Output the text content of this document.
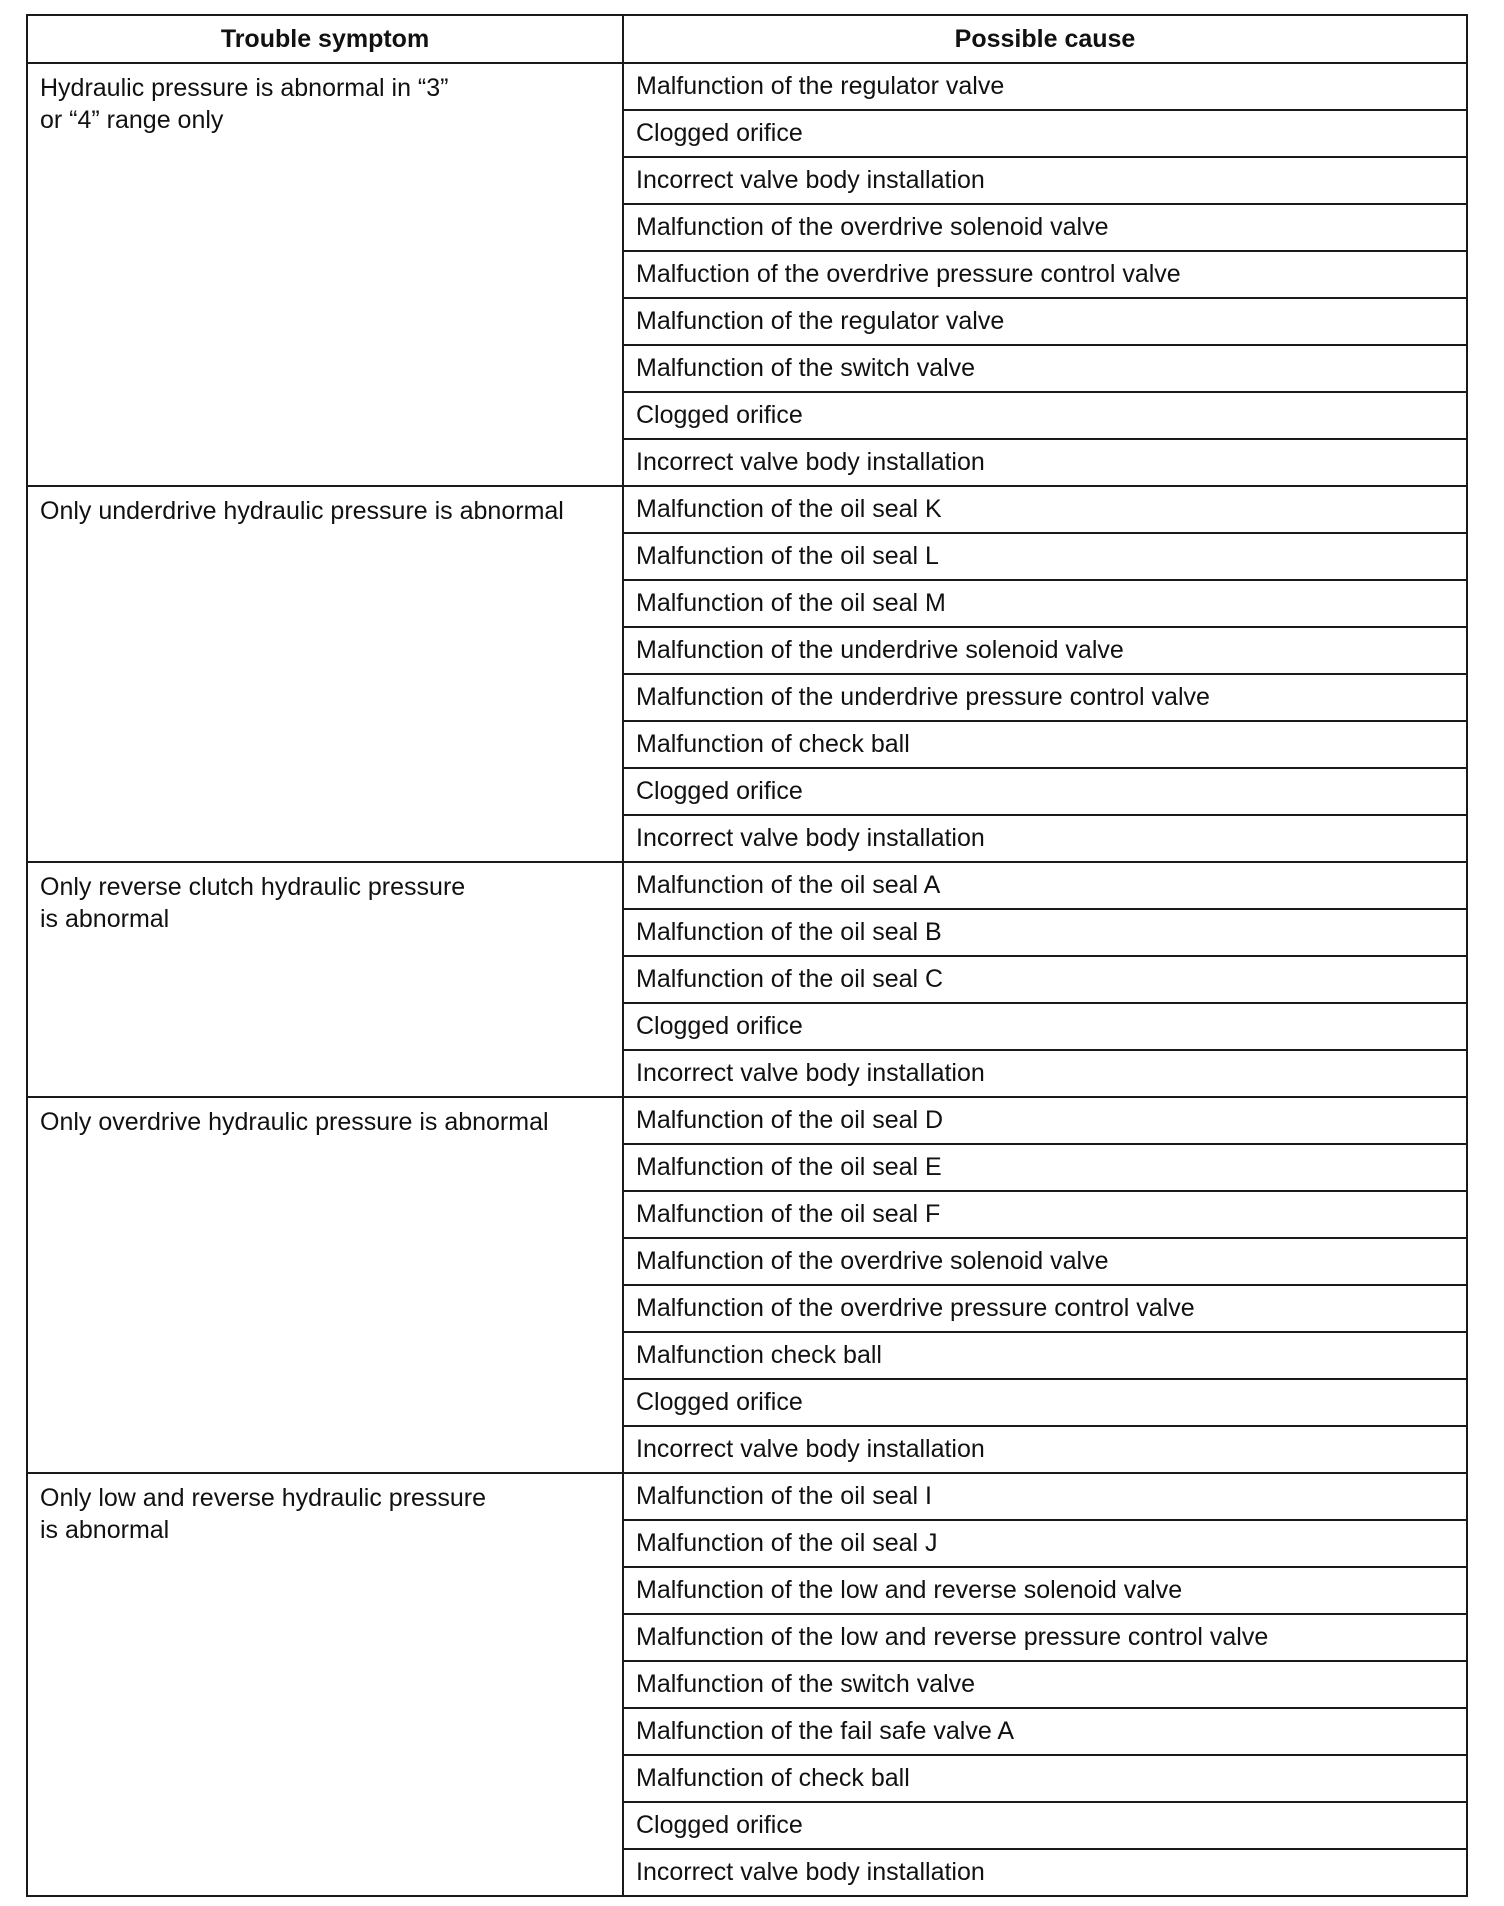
Trouble symptom	Possible cause
Hydraulic pressure is abnormal in “3”
or “4” range only	Malfunction of the regulator valve
	Clogged orifice
	Incorrect valve body installation
	Malfunction of the overdrive solenoid valve
	Malfuction of the overdrive pressure control valve
	Malfunction of the regulator valve
	Malfunction of the switch valve
	Clogged orifice
	Incorrect valve body installation
Only underdrive hydraulic pressure is abnormal	Malfunction of the oil seal K
	Malfunction of the oil seal L
	Malfunction of the oil seal M
	Malfunction of the underdrive solenoid valve
	Malfunction of the underdrive pressure control valve
	Malfunction of check ball
	Clogged orifice
	Incorrect valve body installation
Only reverse clutch hydraulic pressure
is abnormal	Malfunction of the oil seal A
	Malfunction of the oil seal B
	Malfunction of the oil seal C
	Clogged orifice
	Incorrect valve body installation
Only overdrive hydraulic pressure is abnormal	Malfunction of the oil seal D
	Malfunction of the oil seal E
	Malfunction of the oil seal F
	Malfunction of the overdrive solenoid valve
	Malfunction of the overdrive pressure control valve
	Malfunction check ball
	Clogged orifice
	Incorrect valve body installation
Only low and reverse hydraulic pressure
is abnormal	Malfunction of the oil seal I
	Malfunction of the oil seal J
	Malfunction of the low and reverse solenoid valve
	Malfunction of the low and reverse pressure control valve
	Malfunction of the switch valve
	Malfunction of the fail safe valve A
	Malfunction of check ball
	Clogged orifice
	Incorrect valve body installation
